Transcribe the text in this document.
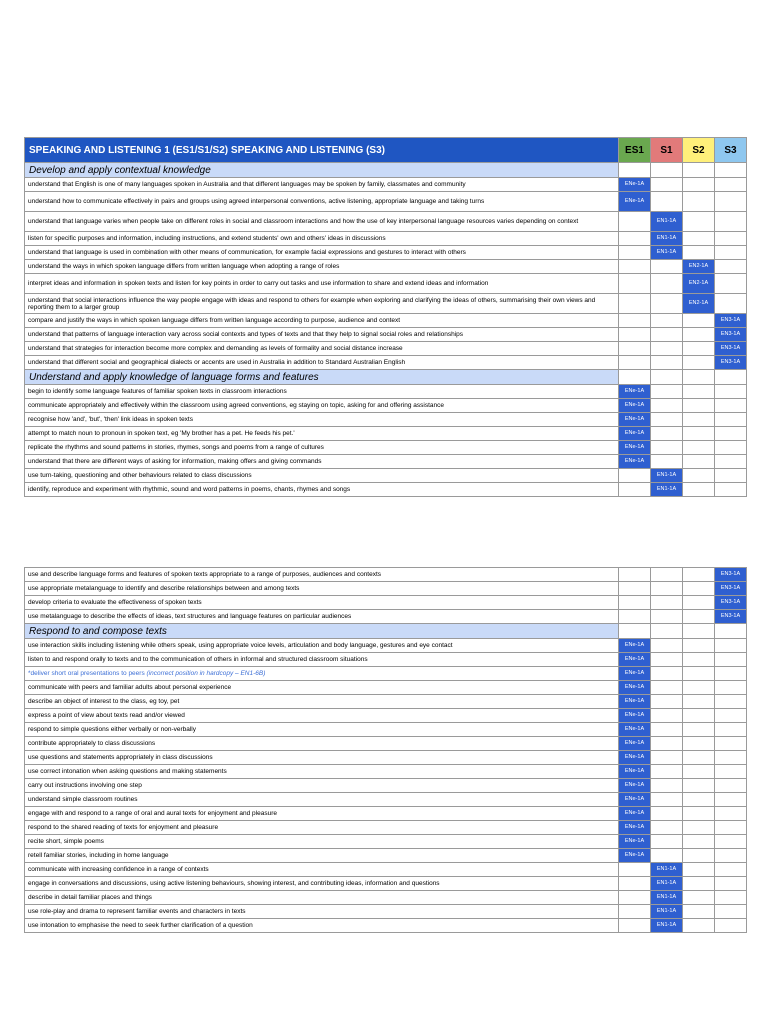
SPEAKING AND LISTENING 1 (ES1/S1/S2) SPEAKING AND LISTENING (S3)	ES1	S1	S2	S3
Develop and apply contextual knowledge				
understand that English is one of many languages spoken in Australia and that different languages may be spoken by family, classmates and community	ENe-1A			
understand how to communicate effectively in pairs and groups using agreed interpersonal conventions, active listening, appropriate language and taking turns	ENe-1A			
understand that language varies when people take on different roles in social and classroom interactions and how the use of key interpersonal language resources varies depending on context		EN1-1A		
listen for specific purposes and information, including instructions, and extend students' own and others' ideas in discussions		EN1-1A		
understand that language is used in combination with other means of communication, for example facial expressions and gestures to interact with others		EN1-1A		
understand the ways in which spoken language differs from written language when adopting a range of roles			EN2-1A	
interpret ideas and information in spoken texts and listen for key points in order to carry out tasks and use information to share and extend ideas and information			EN2-1A	
understand that social interactions influence the way people engage with ideas and respond to others for example when exploring and clarifying the ideas of others, summarising their own views and reporting them to a larger group			EN2-1A	
compare and justify the ways in which spoken language differs from written language according to purpose, audience and context				EN3-1A
understand that patterns of language interaction vary across social contexts and types of texts and that they help to signal social roles and relationships				EN3-1A
understand that strategies for interaction become more complex and demanding as levels of formality and social distance increase				EN3-1A
understand that different social and geographical dialects or accents are used in Australia in addition to Standard Australian English				EN3-1A
Understand and apply knowledge of language forms and features				
begin to identify some language features of familiar spoken texts in classroom interactions	ENe-1A			
communicate appropriately and effectively within the classroom using agreed conventions, eg staying on topic, asking for and offering assistance	ENe-1A			
recognise how 'and', 'but', 'then' link ideas in spoken texts	ENe-1A			
attempt to match noun to pronoun in spoken text, eg 'My brother has a pet. He feeds his pet.'	ENe-1A			
replicate the rhythms and sound patterns in stories, rhymes, songs and poems from a range of cultures	ENe-1A			
understand that there are different ways of asking for information, making offers and giving commands	ENe-1A			
use turn-taking, questioning and other behaviours related to class discussions		EN1-1A		
identify, reproduce and experiment with rhythmic, sound and word patterns in poems, chants, rhymes and songs		EN1-1A		
use and describe language forms and features of spoken texts appropriate to a range of purposes, audiences and contexts				EN3-1A
use appropriate metalanguage to identify and describe relationships between and among texts				EN3-1A
develop criteria to evaluate the effectiveness of spoken texts				EN3-1A
use metalanguage to describe the effects of ideas, text structures and language features on particular audiences				EN3-1A
Respond to and compose texts				
use interaction skills including listening while others speak, using appropriate voice levels, articulation and body language, gestures and eye contact	ENe-1A			
listen to and respond orally to texts and to the communication of others in informal and structured classroom situations	ENe-1A			
*deliver short oral presentations to peers (incorrect position in hardcopy – EN1-6B)	ENe-1A			
communicate with peers and familiar adults about personal experience	ENe-1A			
describe an object of interest to the class, eg toy, pet	ENe-1A			
express a point of view about texts read and/or viewed	ENe-1A			
respond to simple questions either verbally or non-verbally	ENe-1A			
contribute appropriately to class discussions	ENe-1A			
use questions and statements appropriately in class discussions	ENe-1A			
use correct intonation when asking questions and making statements	ENe-1A			
carry out instructions involving one step	ENe-1A			
understand simple classroom routines	ENe-1A			
engage with and respond to a range of oral and aural texts for enjoyment and pleasure	ENe-1A			
respond to the shared reading of texts for enjoyment and pleasure	ENe-1A			
recite short, simple poems	ENe-1A			
retell familiar stories, including in home language	ENe-1A			
communicate with increasing confidence in a range of contexts		EN1-1A		
engage in conversations and discussions, using active listening behaviours, showing interest, and contributing ideas, information and questions		EN1-1A		
describe in detail familiar places and things		EN1-1A		
use role-play and drama to represent familiar events and characters in texts		EN1-1A		
use intonation to emphasise the need to seek further clarification of a question		EN1-1A		
